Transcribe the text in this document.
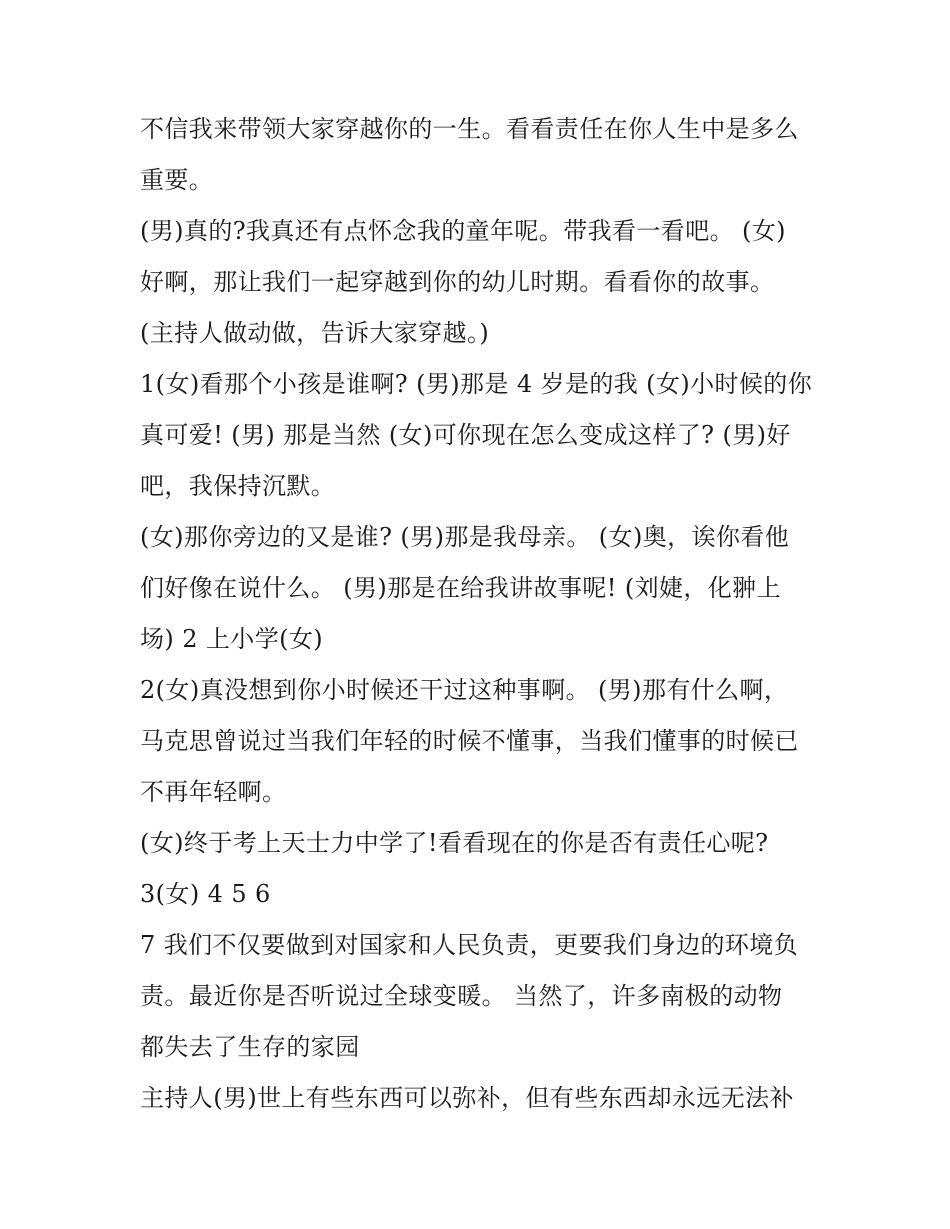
不信我来带领大家穿越你的一生。看看责任在你人生中是多么
重要。
(男)真的?我真还有点怀念我的童年呢。带我看一看吧。 (女)
好啊，那让我们一起穿越到你的幼儿时期。看看你的故事。
(主持人做动做，告诉大家穿越。)
1(女)看那个小孩是谁啊? (男)那是 4 岁是的我 (女)小时候的你
真可爱! (男) 那是当然 (女)可你现在怎么变成这样了? (男)好
吧，我保持沉默。
(女)那你旁边的又是谁? (男)那是我母亲。 (女)奥，诶你看他
们好像在说什么。 (男)那是在给我讲故事呢! (刘婕，化翀上
场) 2 上小学(女)
2(女)真没想到你小时候还干过这种事啊。 (男)那有什么啊，
马克思曾说过当我们年轻的时候不懂事，当我们懂事的时候已
不再年轻啊。
(女)终于考上天士力中学了!看看现在的你是否有责任心呢?
3(女) 4 5 6
7 我们不仅要做到对国家和人民负责，更要我们身边的环境负
责。最近你是否听说过全球变暖。 当然了，许多南极的动物
都失去了生存的家园
主持人(男)世上有些东西可以弥补，但有些东西却永远无法补
